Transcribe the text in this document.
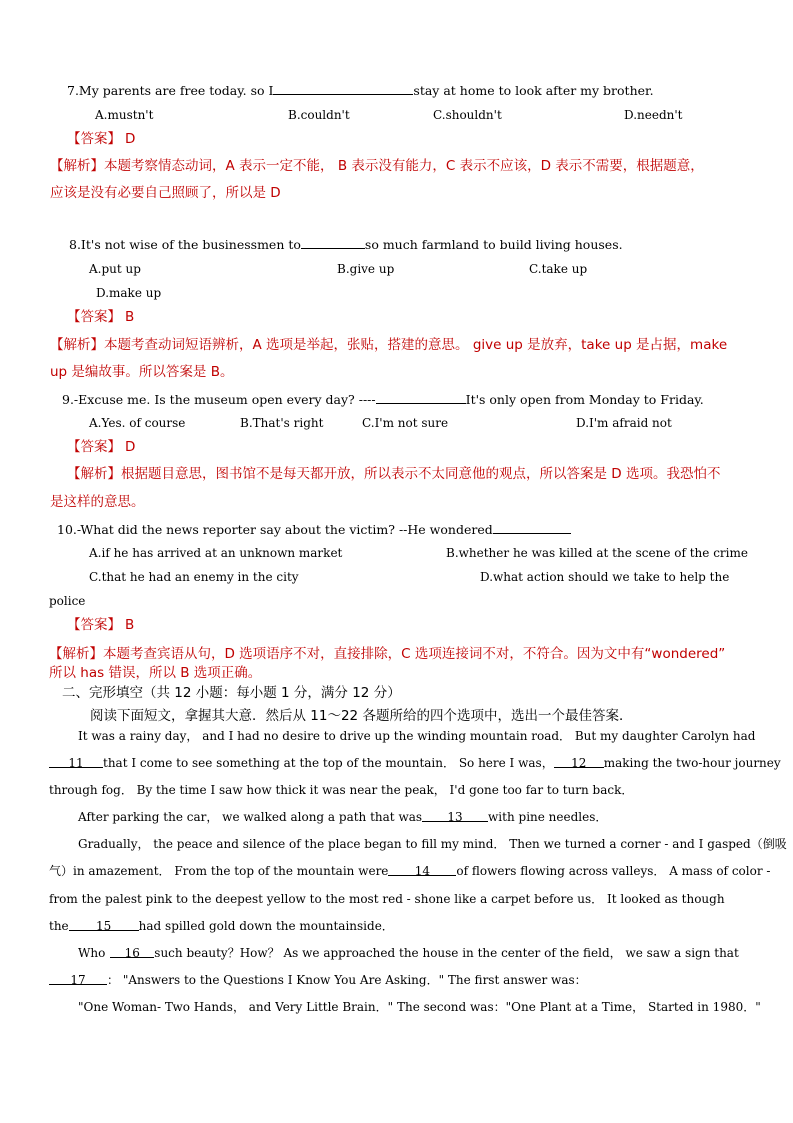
7.My parents are free today. so I	stay at home to look after my brother.
A.mustn't	B.couldn't	C.shouldn't	D.needn't
【答案】 D
【解析】本题考察情态动词，A 表示一定不能， B 表示没有能力，C 表示不应该，D 表示不需要，根据题意，
应该是没有必要自己照顾了，所以是 D
8.It's not wise of the businessmen to	so much farmland to build living houses.
A.put up	B.give up	C.take up
D.make up
【答案】 B
【解析】本题考查动词短语辨析，A 选项是举起，张贴，搭建的意思。 give up 是放弃，take up 是占据，make
up 是编故事。所以答案是 B。
9.-Excuse me. Is the museum open every day? ----	It's only open from Monday to Friday.
A.Yes. of course	B.That's right	C.I'm not sure	D.I'm afraid not
【答案】 D
【解析】根据题目意思，图书馆不是每天都开放，所以表示不太同意他的观点，所以答案是 D 选项。我恐怕不
是这样的意思。
10.-What did the news reporter say about the victim? --He wondered
A.if he has arrived at an unknown market	B.whether he was killed at the scene of the crime
C.that he had an enemy in the city	D.what action should we take to help the
police
【答案】 B
【解析】本题考查宾语从句，D 选项语序不对，直接排除，C 选项连接词不对，不符合。因为文中有“wondered”
所以 has 错误，所以 B 选项正确。
二、完形填空（共 12 小题：每小题 1 分，满分 12 分）
阅读下面短文，拿握其大意．然后从 11～22 各题所给的四个选项中，选出一个最佳答案．
It was a rainy day， and I had no desire to drive up the winding mountain road． But my daughter Carolyn had
11 that I come to see something at the top of the mountain． So here I was， 12 making the two-hour journey
through fog． By the time I saw how thick it was near the peak， I'd gone too far to turn back．
After parking the car， we walked along a path that was 13 with pine needles．
Gradually， the peace and silence of the place began to fill my mind． Then we turned a corner - and I gasped（倒吸
气）in amazement． From the top of the mountain were 14 of flowers flowing across valleys． A mass of color -
from the palest pink to the deepest yellow to the most red - shone like a carpet before us． It looked as though
the 15 had spilled gold down the mountainside．
Who 16 such beauty？How？ As we approached the house in the center of the field， we saw a sign that
17 ： "Answers to the Questions I Know You Are Asking．" The first answer was：
"One Woman- Two Hands， and Very Little Brain．" The second was："One Plant at a Time， Started in 1980．"
